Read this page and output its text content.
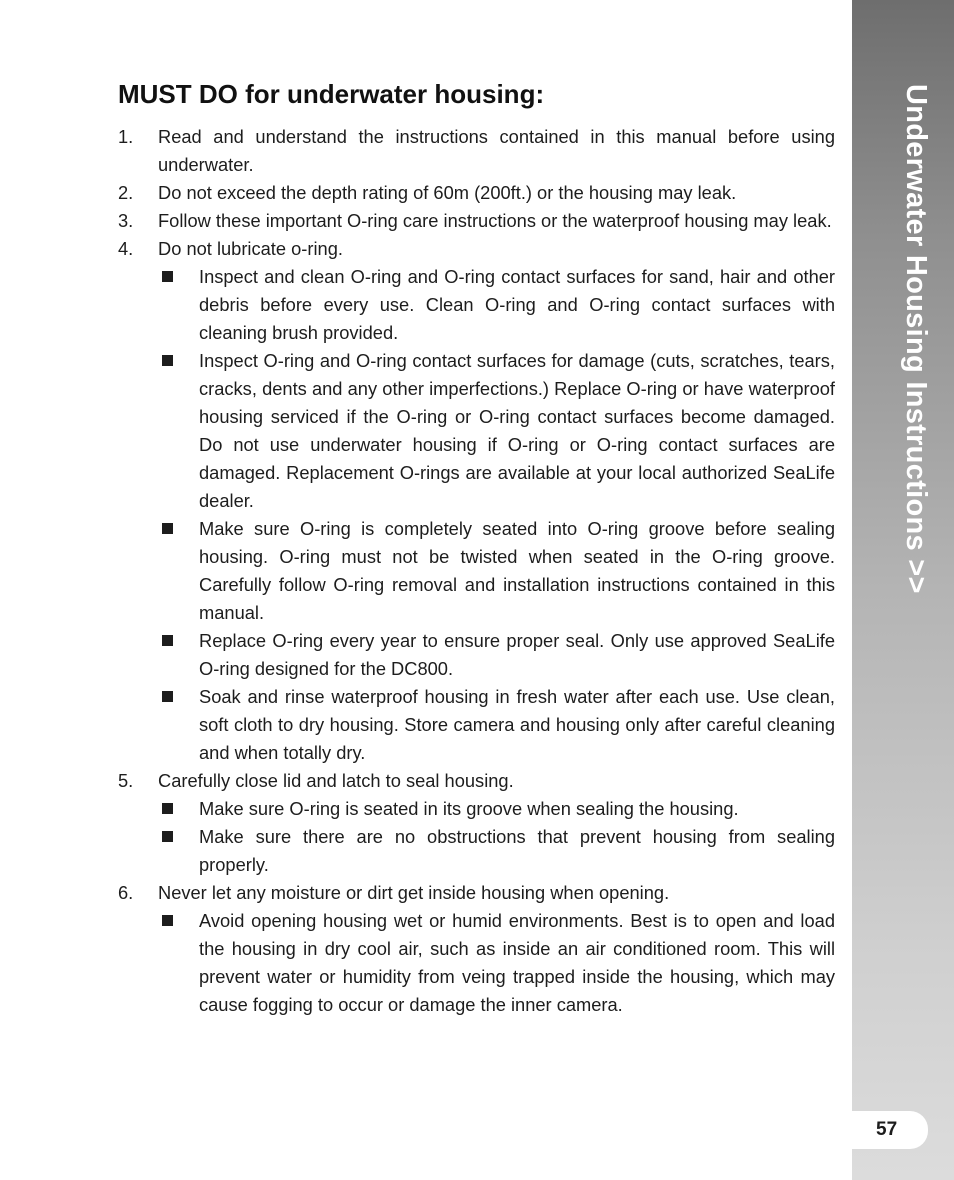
Underwater Housing Instructions >>
57
MUST DO for underwater housing:
1. Read and understand the instructions contained in this manual before using underwater.
2. Do not exceed the depth rating of 60m (200ft.) or the housing may leak.
3. Follow these important O-ring care instructions or the waterproof housing may leak.
4. Do not lubricate o-ring.
Inspect and clean O-ring and O-ring contact surfaces for sand, hair and other debris before every use. Clean O-ring and O-ring contact surfaces with cleaning brush provided.
Inspect O-ring and O-ring contact surfaces for damage (cuts, scratches, tears, cracks, dents and any other imperfections.) Replace O-ring or have waterproof housing serviced if the O-ring or O-ring contact surfaces become damaged. Do not use underwater housing if O-ring or O-ring contact surfaces are damaged. Replacement O-rings are available at your local authorized SeaLife dealer.
Make sure O-ring is completely seated into O-ring groove before sealing housing. O-ring must not be twisted when seated in the O-ring groove. Carefully follow O-ring removal and installation instructions contained in this manual.
Replace O-ring every year to ensure proper seal. Only use approved SeaLife O-ring designed for the DC800.
Soak and rinse waterproof housing in fresh water after each use. Use clean, soft cloth to dry housing. Store camera and housing only after careful cleaning and when totally dry.
5. Carefully close lid and latch to seal housing.
Make sure O-ring is seated in its groove when sealing the housing.
Make sure there are no obstructions that prevent housing from sealing properly.
6. Never let any moisture or dirt get inside housing when opening.
Avoid opening housing wet or humid environments. Best is to open and load the housing in dry cool air, such as inside an air conditioned room. This will prevent water or humidity from veing trapped inside the housing, which may cause fogging to occur or damage the inner camera.
